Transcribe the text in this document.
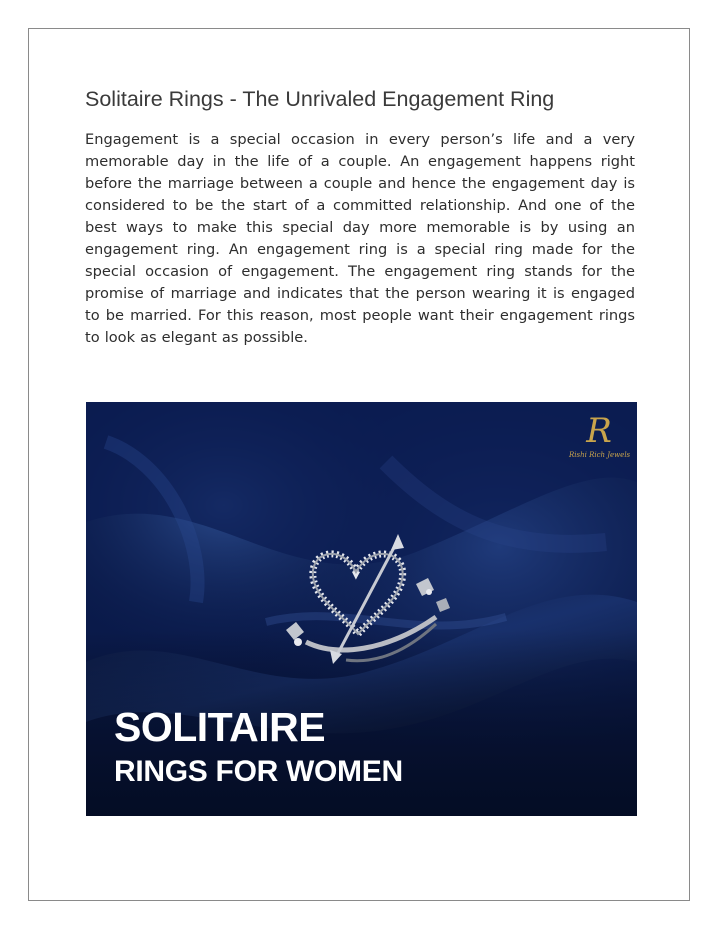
Solitaire Rings - The Unrivaled Engagement Ring

Engagement is a special occasion in every person’s life and a very memorable day in the life of a couple. An engagement happens right before the marriage between a couple and hence the engagement day is considered to be the start of a committed relationship. And one of the best ways to make this special day more memorable is by using an engagement ring. An engagement ring is a special ring made for the special occasion of engagement. The engagement ring stands for the promise of marriage and indicates that the person wearing it is engaged to be married. For this reason, most people want their engagement rings to look as elegant as possible.

R
Rishi Rich Jewels
SOLITAIRE
RINGS FOR WOMEN
